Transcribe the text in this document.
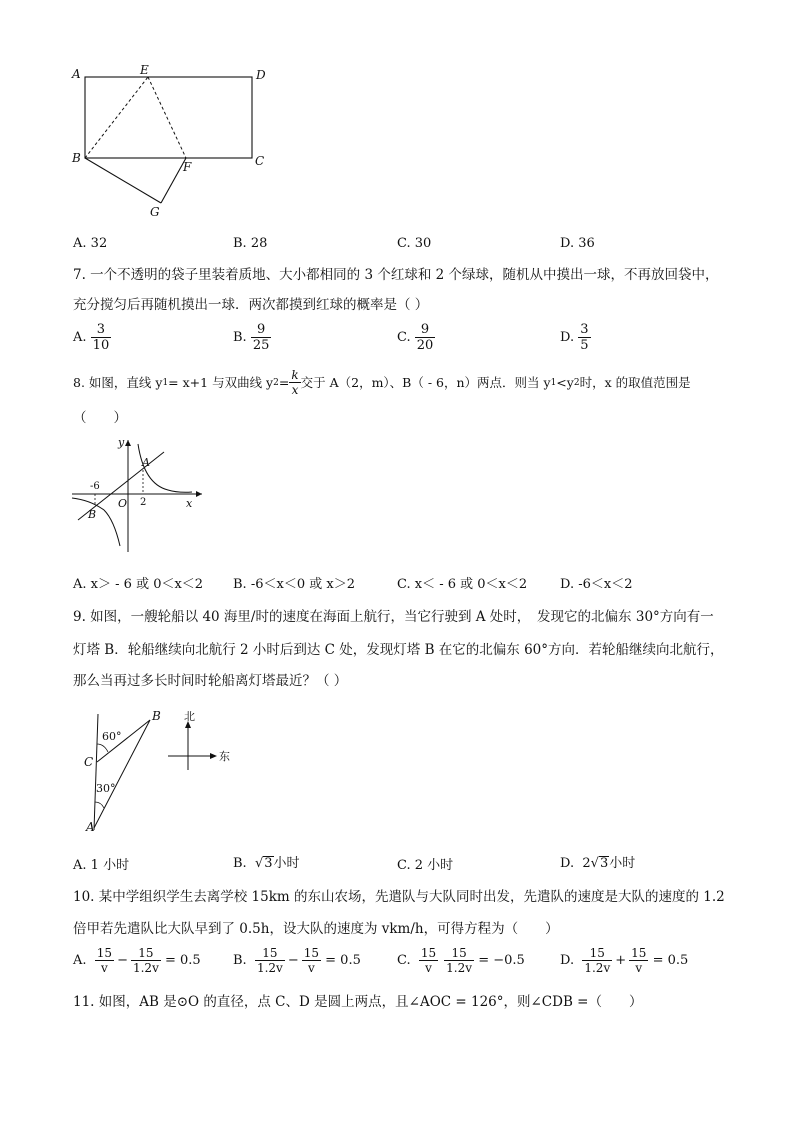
A	E	D
B
F	C
G
A. 32	B. 28	C. 30	D. 36
7. 一个不透明的袋子里装着质地、大小都相同的 3 个红球和 2 个绿球，随机从中摸出一球，不再放回袋中，
充分搅匀后再随机摸出一球．两次都摸到红球的概率是（ ）
A.
$\frac{3}{10}$	B.
$\frac{9}{25}$	C.
$\frac{9}{20}$	D.
$\frac{3}{5}$
8. 如图，直线 y 1 = x+1 与双曲线 y $2 = \frac{k}{x}$ 交于 A（2，m）、B（ - 6，n）两点．则当 y 1 <y 2 时，x 的取值范围是
（　　）
y
A
-6
B
O 2	x
A. x＞ - 6 或 0＜x＜2 B. -6＜x＜0 或 x＞2	C. x＜ - 6 或 0＜x＜2	D. -6＜x＜2
9. 如图，一艘轮船以 40 海里/时的速度在海面上航行，当它行驶到 A 处时，　发现它的北偏东 30°方向有一
灯塔 B．轮船继续向北航行 2 小时后到达 C 处，发现灯塔 B 在它的北偏东 60°方向．若轮船继续向北航行，
那么当再过多长时间时轮船离灯塔最近？（ ）
60°
B
C
30°
A
北
东
A. 1 小时	B.  √3小时	C. 2 小时	D. 2√3小时
10. 某中学组织学生去离学校 15km 的东山农场，先遣队与大队同时出发，先遣队的速度是大队的速度的 1.2
倍甲若先遣队比大队早到了 0.5h，设大队的速度为 vkm/h，可得方程为（　　）
A.
$\frac{15}{v} - \frac{15}{1.2v}$
= 0.5 B.
$\frac{15}{1.2v} - \frac{15}{v}$
= 0.5	C.
$\frac{15}{v} \frac{15}{1.2v}$
= −0.5	D.
$\frac{15}{1.2v} + \frac{15}{v}$
= 0.5
11. 如图，AB 是⊙O 的直径，点 C、D 是圆上两点，且∠AOC = 126°，则∠CDB =（　　）
